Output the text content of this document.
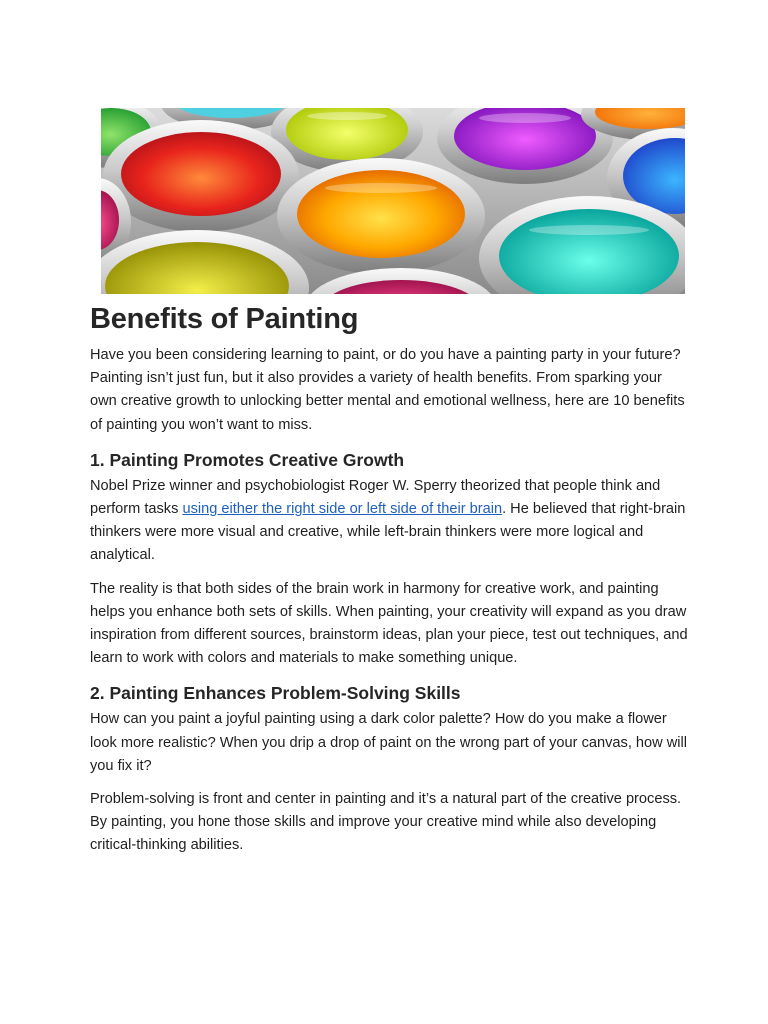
Benefits of Painting

Have you been considering learning to paint, or do you have a painting party in your future? Painting isn’t just fun, but it also provides a variety of health benefits. From sparking your own creative growth to unlocking better mental and emotional wellness, here are 10 benefits of painting you won’t want to miss.

1. Painting Promotes Creative Growth

Nobel Prize winner and psychobiologist Roger W. Sperry theorized that people think and perform tasks using either the right side or left side of their brain. He believed that right-brain thinkers were more visual and creative, while left-brain thinkers were more logical and analytical.

The reality is that both sides of the brain work in harmony for creative work, and painting helps you enhance both sets of skills. When painting, your creativity will expand as you draw inspiration from different sources, brainstorm ideas, plan your piece, test out techniques, and learn to work with colors and materials to make something unique.

2. Painting Enhances Problem-Solving Skills

How can you paint a joyful painting using a dark color palette? How do you make a flower look more realistic? When you drip a drop of paint on the wrong part of your canvas, how will you fix it?

Problem-solving is front and center in painting and it’s a natural part of the creative process. By painting, you hone those skills and improve your creative mind while also developing critical-thinking abilities.
